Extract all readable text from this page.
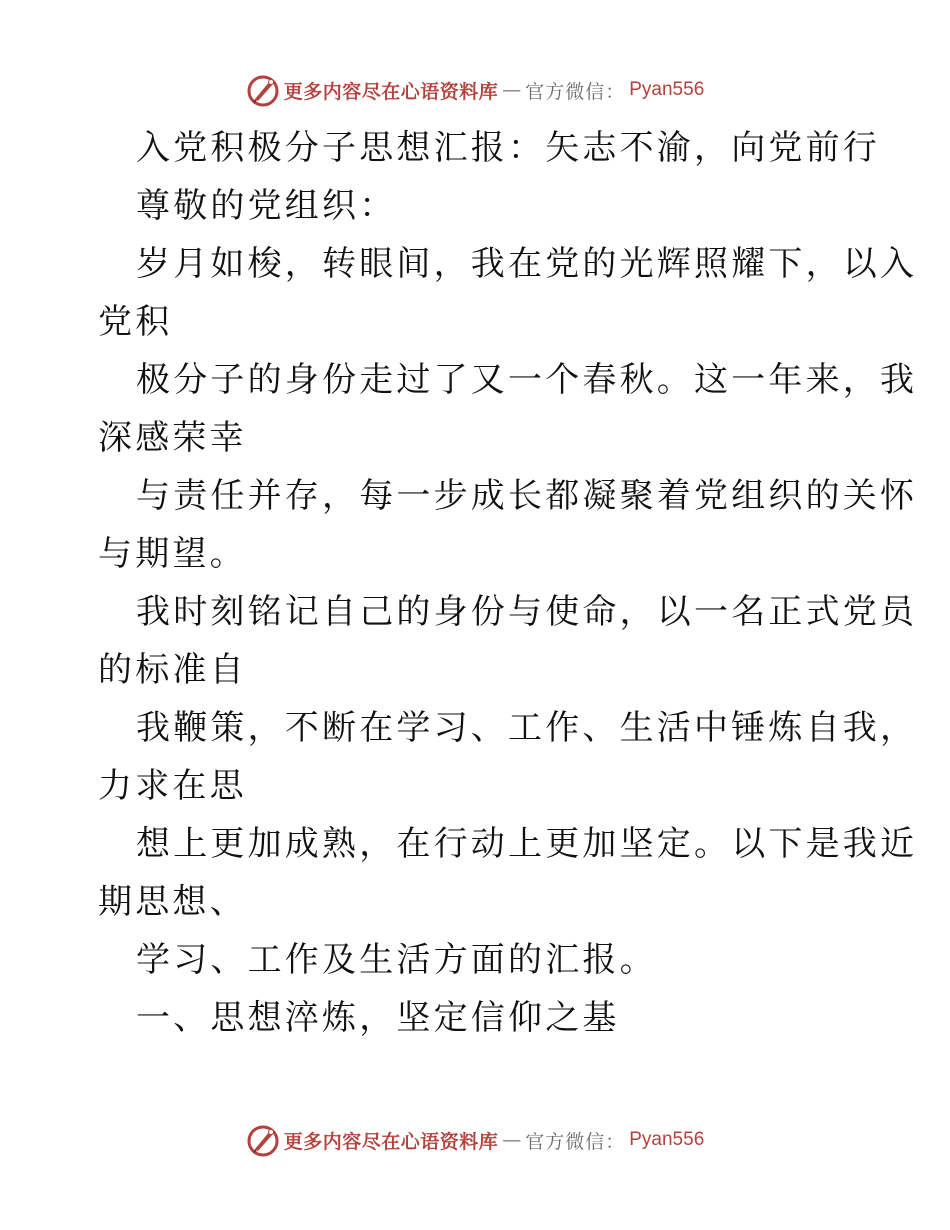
更多内容尽在心语资料库 — 官方微信： Pyan556
入党积极分子思想汇报：矢志不渝，向党前行
尊敬的党组织：
岁月如梭，转眼间，我在党的光辉照耀下，以入
党积
极分子的身份走过了又一个春秋。这一年来，我
深感荣幸
与责任并存，每一步成长都凝聚着党组织的关怀
与期望。
我时刻铭记自己的身份与使命，以一名正式党员
的标准自
我鞭策，不断在学习、工作、生活中锤炼自我，
力求在思
想上更加成熟，在行动上更加坚定。以下是我近
期思想、
学习、工作及生活方面的汇报。
一、思想淬炼，坚定信仰之基
更多内容尽在心语资料库 — 官方微信： Pyan556
